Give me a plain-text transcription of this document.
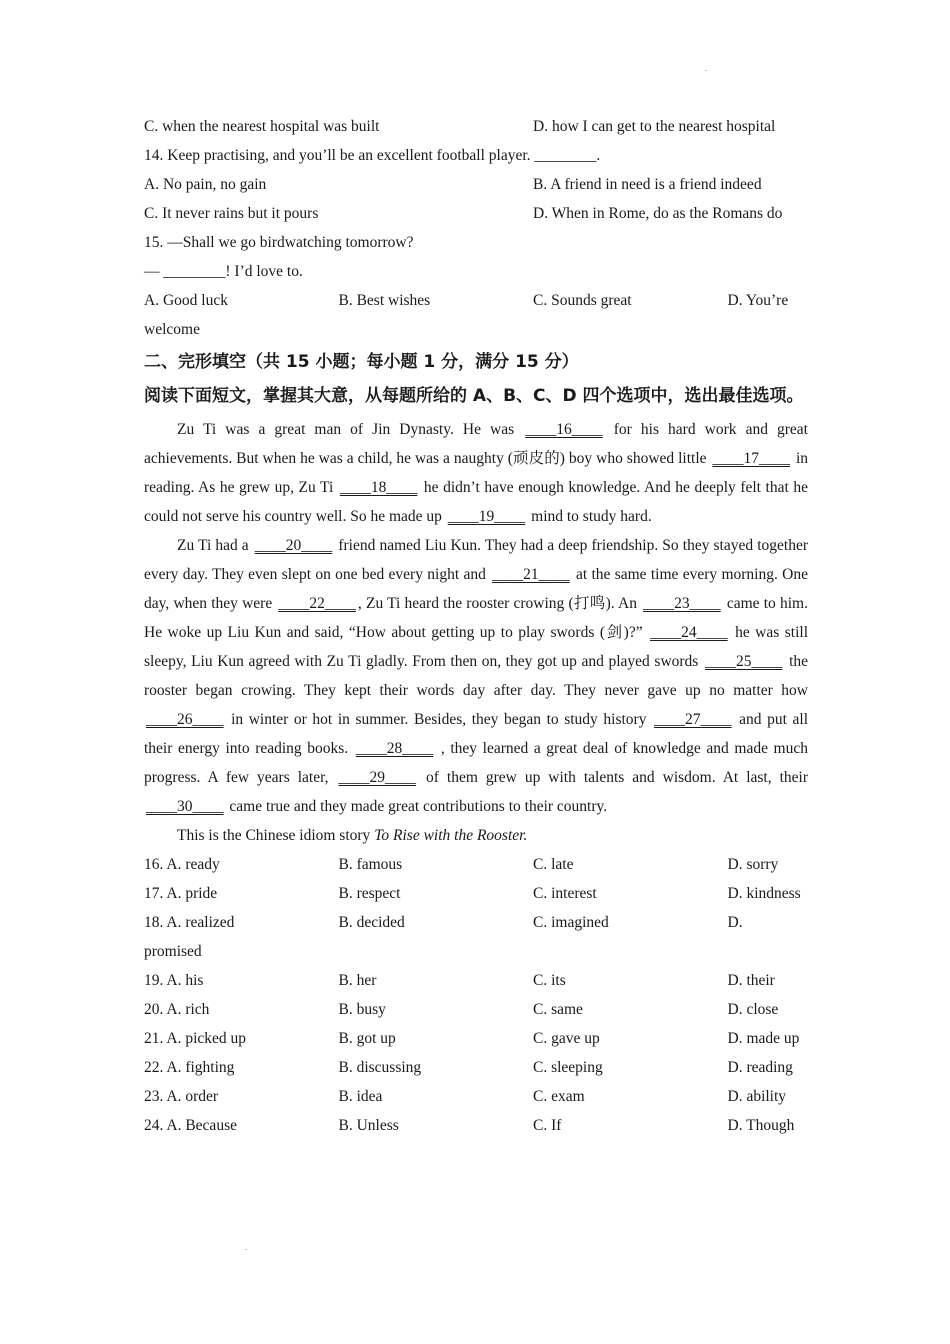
C. when the nearest hospital was built	D. how I can get to the nearest hospital
14. Keep practising, and you’ll be an excellent football player. ________.
A. No pain, no gain	B. A friend in need is a friend indeed
C. It never rains but it pours	D. When in Rome, do as the Romans do
15. —Shall we go birdwatching tomorrow?
— ________! I’d love to.
A. Good luck	B. Best wishes	C. Sounds great	D. You’re
welcome
二、完形填空（共 15 小题；每小题 1 分，满分 15 分）
阅读下面短文，掌握其大意，从每题所给的 A、B、C、D 四个选项中，选出最佳选项。

Zu Ti was a great man of Jin Dynasty. He was ____16____ for his hard work and great achievements. But when he was a child, he was a naughty (顽皮的) boy who showed little ____17____ in reading. As he grew up, Zu Ti ____18____ he didn’t have enough knowledge. And he deeply felt that he could not serve his country well. So he made up ____19____ mind to study hard.

Zu Ti had a ____20____ friend named Liu Kun. They had a deep friendship. So they stayed together every day. They even slept on one bed every night and ____21____ at the same time every morning. One day, when they were ____22____ , Zu Ti heard the rooster crowing (打鸣). An ____23____ came to him. He woke up Liu Kun and said, “How about getting up to play swords (剑)?” ____24____ he was still sleepy, Liu Kun agreed with Zu Ti gladly. From then on, they got up and played swords ____25____ the rooster began crowing. They kept their words day after day. They never gave up no matter how ____26____ in winter or hot in summer. Besides, they began to study history ____27____ and put all their energy into reading books. ____28____ , they learned a great deal of knowledge and made much progress. A few years later, ____29____ of them grew up with talents and wisdom. At last, their ____30____ came true and they made great contributions to their country.

This is the Chinese idiom story To Rise with the Rooster.

16. A. ready	B. famous	C. late	D. sorry
17. A. pride	B. respect	C. interest	D. kindness
18. A. realized	B. decided	C. imagined	D.
promised
19. A. his	B. her	C. its	D. their
20. A. rich	B. busy	C. same	D. close
21. A. picked up	B. got up	C. gave up	D. made up
22. A. fighting	B. discussing	C. sleeping	D. reading
23. A. order	B. idea	C. exam	D. ability
24. A. Because	B. Unless	C. If	D. Though
